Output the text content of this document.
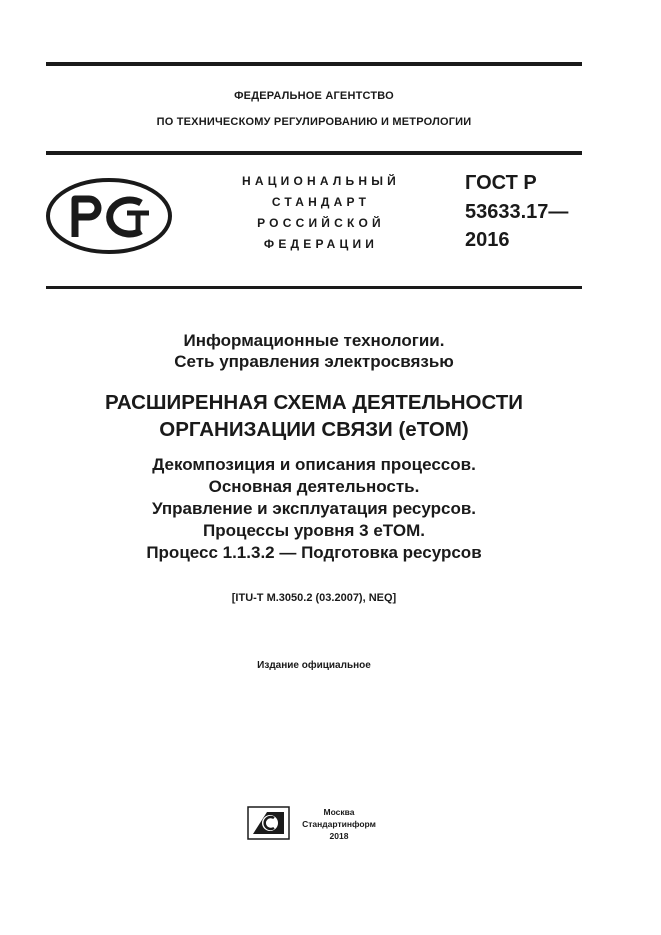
ФЕДЕРАЛЬНОЕ АГЕНТСТВО
ПО ТЕХНИЧЕСКОМУ РЕГУЛИРОВАНИЮ И МЕТРОЛОГИИ
НАЦИОНАЛЬНЫЙ
СТАНДАРТ
РОССИЙСКОЙ
ФЕДЕРАЦИИ
ГОСТ Р
53633.17—
2016
Информационные технологии.
Сеть управления электросвязью
РАСШИРЕННАЯ СХЕМА ДЕЯТЕЛЬНОСТИ
ОРГАНИЗАЦИИ СВЯЗИ (eTOM)
Декомпозиция и описания процессов.
Основная деятельность.
Управление и эксплуатация ресурсов.
Процессы уровня 3 eTOM.
Процесс 1.1.3.2 — Подготовка ресурсов
[ITU-T M.3050.2 (03.2007), NEQ]
Издание официальное
Москва
Стандартинформ
2018
